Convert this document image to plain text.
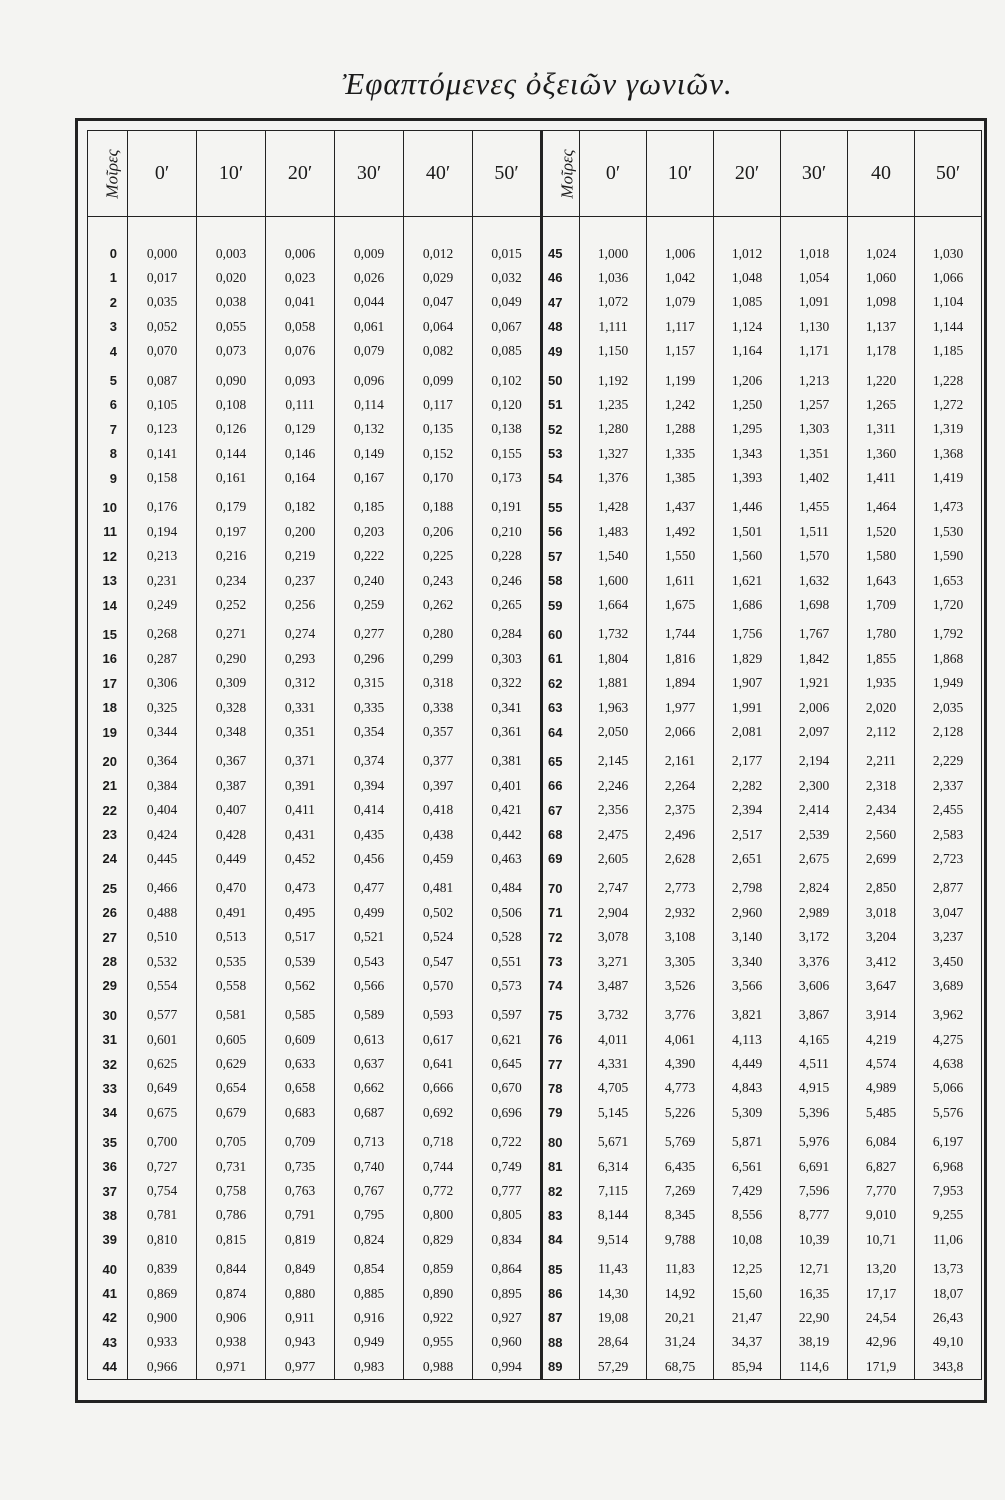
Ἐφαπτόμενες ὀξειῶν γωνιῶν.
Μοῖρες	0′	10′	20′	30′	40′	50′	Μοῖρες	0′	10′	20′	30′	40	50′

0	0,000	0,003	0,006	0,009	0,012	0,015	45	1,000	1,006	1,012	1,018	1,024	1,030
1	0,017	0,020	0,023	0,026	0,029	0,032	46	1,036	1,042	1,048	1,054	1,060	1,066
2	0,035	0,038	0,041	0,044	0,047	0,049	47	1,072	1,079	1,085	1,091	1,098	1,104
3	0,052	0,055	0,058	0,061	0,064	0,067	48	1,111	1,117	1,124	1,130	1,137	1,144
4	0,070	0,073	0,076	0,079	0,082	0,085	49	1,150	1,157	1,164	1,171	1,178	1,185
5	0,087	0,090	0,093	0,096	0,099	0,102	50	1,192	1,199	1,206	1,213	1,220	1,228
6	0,105	0,108	0,111	0,114	0,117	0,120	51	1,235	1,242	1,250	1,257	1,265	1,272
7	0,123	0,126	0,129	0,132	0,135	0,138	52	1,280	1,288	1,295	1,303	1,311	1,319
8	0,141	0,144	0,146	0,149	0,152	0,155	53	1,327	1,335	1,343	1,351	1,360	1,368
9	0,158	0,161	0,164	0,167	0,170	0,173	54	1,376	1,385	1,393	1,402	1,411	1,419
10	0,176	0,179	0,182	0,185	0,188	0,191	55	1,428	1,437	1,446	1,455	1,464	1,473
11	0,194	0,197	0,200	0,203	0,206	0,210	56	1,483	1,492	1,501	1,511	1,520	1,530
12	0,213	0,216	0,219	0,222	0,225	0,228	57	1,540	1,550	1,560	1,570	1,580	1,590
13	0,231	0,234	0,237	0,240	0,243	0,246	58	1,600	1,611	1,621	1,632	1,643	1,653
14	0,249	0,252	0,256	0,259	0,262	0,265	59	1,664	1,675	1,686	1,698	1,709	1,720
15	0,268	0,271	0,274	0,277	0,280	0,284	60	1,732	1,744	1,756	1,767	1,780	1,792
16	0,287	0,290	0,293	0,296	0,299	0,303	61	1,804	1,816	1,829	1,842	1,855	1,868
17	0,306	0,309	0,312	0,315	0,318	0,322	62	1,881	1,894	1,907	1,921	1,935	1,949
18	0,325	0,328	0,331	0,335	0,338	0,341	63	1,963	1,977	1,991	2,006	2,020	2,035
19	0,344	0,348	0,351	0,354	0,357	0,361	64	2,050	2,066	2,081	2,097	2,112	2,128
20	0,364	0,367	0,371	0,374	0,377	0,381	65	2,145	2,161	2,177	2,194	2,211	2,229
21	0,384	0,387	0,391	0,394	0,397	0,401	66	2,246	2,264	2,282	2,300	2,318	2,337
22	0,404	0,407	0,411	0,414	0,418	0,421	67	2,356	2,375	2,394	2,414	2,434	2,455
23	0,424	0,428	0,431	0,435	0,438	0,442	68	2,475	2,496	2,517	2,539	2,560	2,583
24	0,445	0,449	0,452	0,456	0,459	0,463	69	2,605	2,628	2,651	2,675	2,699	2,723
25	0,466	0,470	0,473	0,477	0,481	0,484	70	2,747	2,773	2,798	2,824	2,850	2,877
26	0,488	0,491	0,495	0,499	0,502	0,506	71	2,904	2,932	2,960	2,989	3,018	3,047
27	0,510	0,513	0,517	0,521	0,524	0,528	72	3,078	3,108	3,140	3,172	3,204	3,237
28	0,532	0,535	0,539	0,543	0,547	0,551	73	3,271	3,305	3,340	3,376	3,412	3,450
29	0,554	0,558	0,562	0,566	0,570	0,573	74	3,487	3,526	3,566	3,606	3,647	3,689
30	0,577	0,581	0,585	0,589	0,593	0,597	75	3,732	3,776	3,821	3,867	3,914	3,962
31	0,601	0,605	0,609	0,613	0,617	0,621	76	4,011	4,061	4,113	4,165	4,219	4,275
32	0,625	0,629	0,633	0,637	0,641	0,645	77	4,331	4,390	4,449	4,511	4,574	4,638
33	0,649	0,654	0,658	0,662	0,666	0,670	78	4,705	4,773	4,843	4,915	4,989	5,066
34	0,675	0,679	0,683	0,687	0,692	0,696	79	5,145	5,226	5,309	5,396	5,485	5,576
35	0,700	0,705	0,709	0,713	0,718	0,722	80	5,671	5,769	5,871	5,976	6,084	6,197
36	0,727	0,731	0,735	0,740	0,744	0,749	81	6,314	6,435	6,561	6,691	6,827	6,968
37	0,754	0,758	0,763	0,767	0,772	0,777	82	7,115	7,269	7,429	7,596	7,770	7,953
38	0,781	0,786	0,791	0,795	0,800	0,805	83	8,144	8,345	8,556	8,777	9,010	9,255
39	0,810	0,815	0,819	0,824	0,829	0,834	84	9,514	9,788	10,08	10,39	10,71	11,06
40	0,839	0,844	0,849	0,854	0,859	0,864	85	11,43	11,83	12,25	12,71	13,20	13,73
41	0,869	0,874	0,880	0,885	0,890	0,895	86	14,30	14,92	15,60	16,35	17,17	18,07
42	0,900	0,906	0,911	0,916	0,922	0,927	87	19,08	20,21	21,47	22,90	24,54	26,43
43	0,933	0,938	0,943	0,949	0,955	0,960	88	28,64	31,24	34,37	38,19	42,96	49,10
44	0,966	0,971	0,977	0,983	0,988	0,994	89	57,29	68,75	85,94	114,6	171,9	343,8
